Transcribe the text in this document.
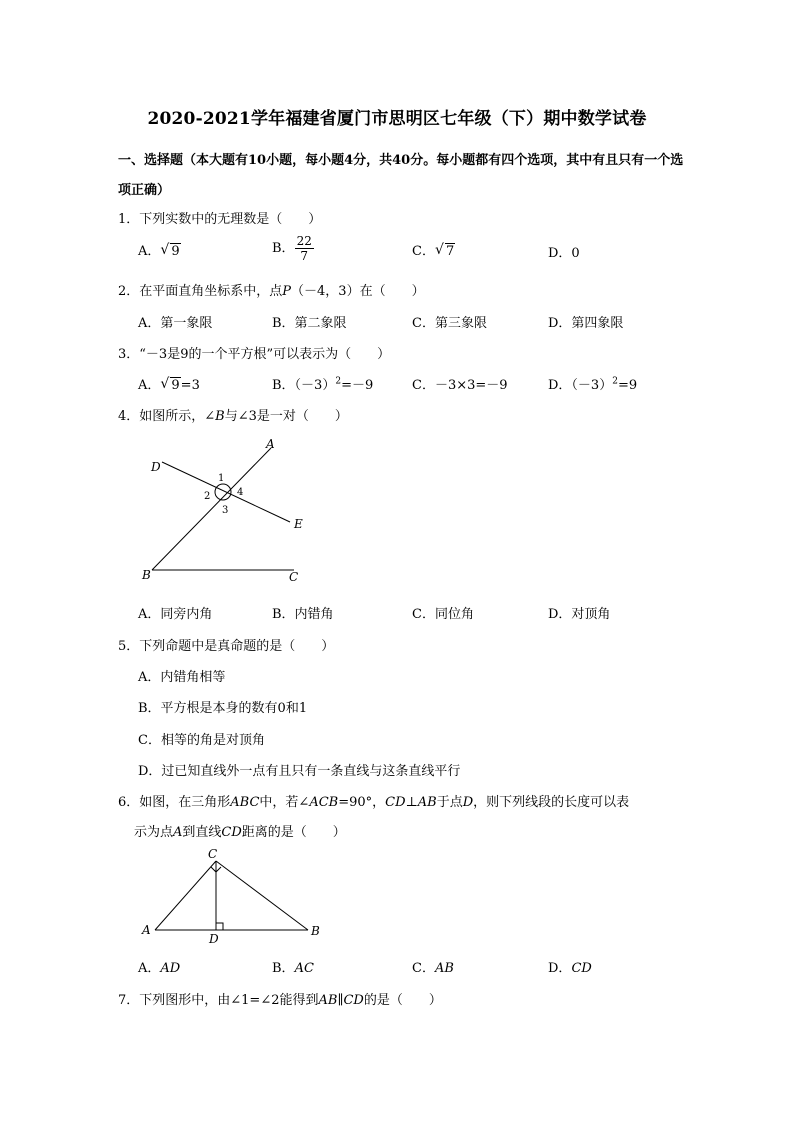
2020-2021学年福建省厦门市思明区七年级（下）期中数学试卷
一、选择题（本大题有10小题，每小题4分，共40分。每小题都有四个选项，其中有且只有一个选项正确）
1．下列实数中的无理数是（　　）
A． √ 9	B． $\frac{22}{7}$	C． √ 7	D．0
2．在平面直角坐标系中，点P（－4，3）在（　　）
A．第一象限	B．第二象限	C．第三象限	D．第四象限
3．“－3是9的一个平方根”可以表示为（　　）
A． √ 9=3	B．$(-3)^2=-9$	C．－3×3=－9	D．$(-3)^2=9$
4．如图所示，∠B与∠3是一对（　　）
A
D
E
B	C
1
2
3
4
A．同旁内角	B．内错角	C．同位角	D．对顶角
5．下列命题中是真命题的是（　　）
A．内错角相等
B．平方根是本身的数有0和1
C．相等的角是对顶角
D．过已知直线外一点有且只有一条直线与这条直线平行
6．如图，在三角形ABC中，若∠ACB=90°，CD⊥AB于点D，则下列线段的长度可以表
示为点A到直线CD距离的是（　　）
C
A
D
B
A．AD	B．AC	C．AB	D．CD
7．下列图形中，由∠1=∠2能得到AB∥CD的是（　　）
